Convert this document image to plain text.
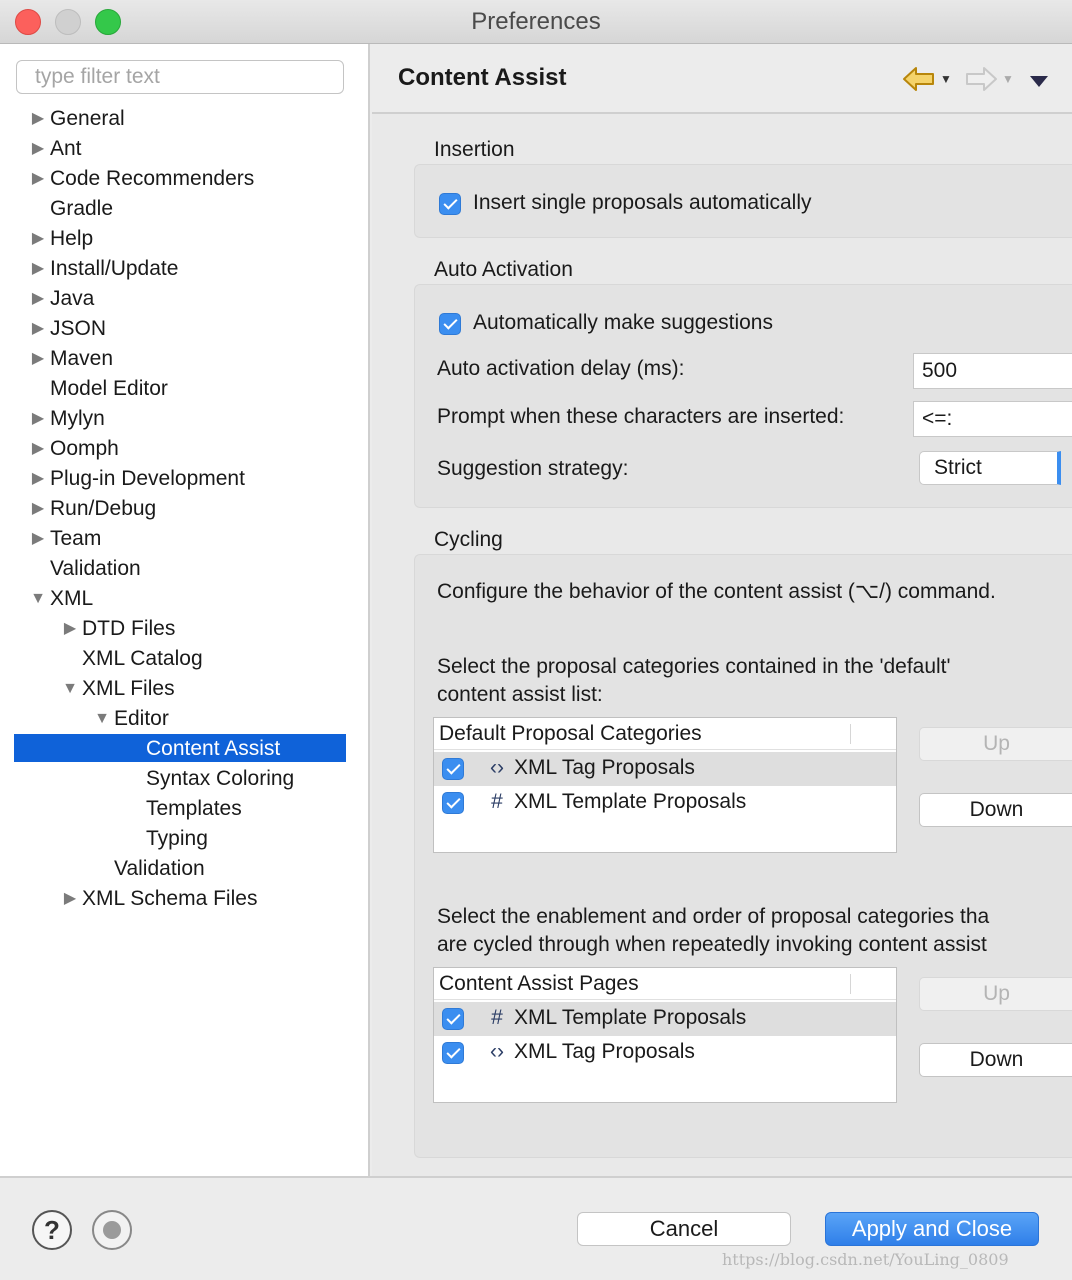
Preferences
type filter text
▶ General
▶ Ant
▶ Code Recommenders
Gradle
▶ Help
▶ Install/Update
▶ Java
▶ JSON
▶ Maven
Model Editor
▶ Mylyn
▶ Oomph
▶ Plug-in Development
▶ Run/Debug
▶ Team
Validation
▼ XML
▶ DTD Files
XML Catalog
▼ XML Files
▼ Editor
Content Assist
Syntax Coloring
Templates
Typing
Validation
▶ XML Schema Files
Content Assist	▼	▼
Insertion
Insert single proposals automatically
Auto Activation
Automatically make suggestions
Auto activation delay (ms):
500
Prompt when these characters are inserted:
<=:
Suggestion strategy:	Strict
Cycling
Configure the behavior of the content assist (⌥/) command.
Select the proposal categories contained in the 'default'
content assist list:
Default Proposal Categories
‹› XML Tag Proposals
# XML Template Proposals
Up
Down
Select the enablement and order of proposal categories tha
are cycled through when repeatedly invoking content assist
Content Assist Pages
# XML Template Proposals
‹› XML Tag Proposals
Up
Down
?	Cancel	Apply and Close
https://blog.csdn.net/YouLing_0809
